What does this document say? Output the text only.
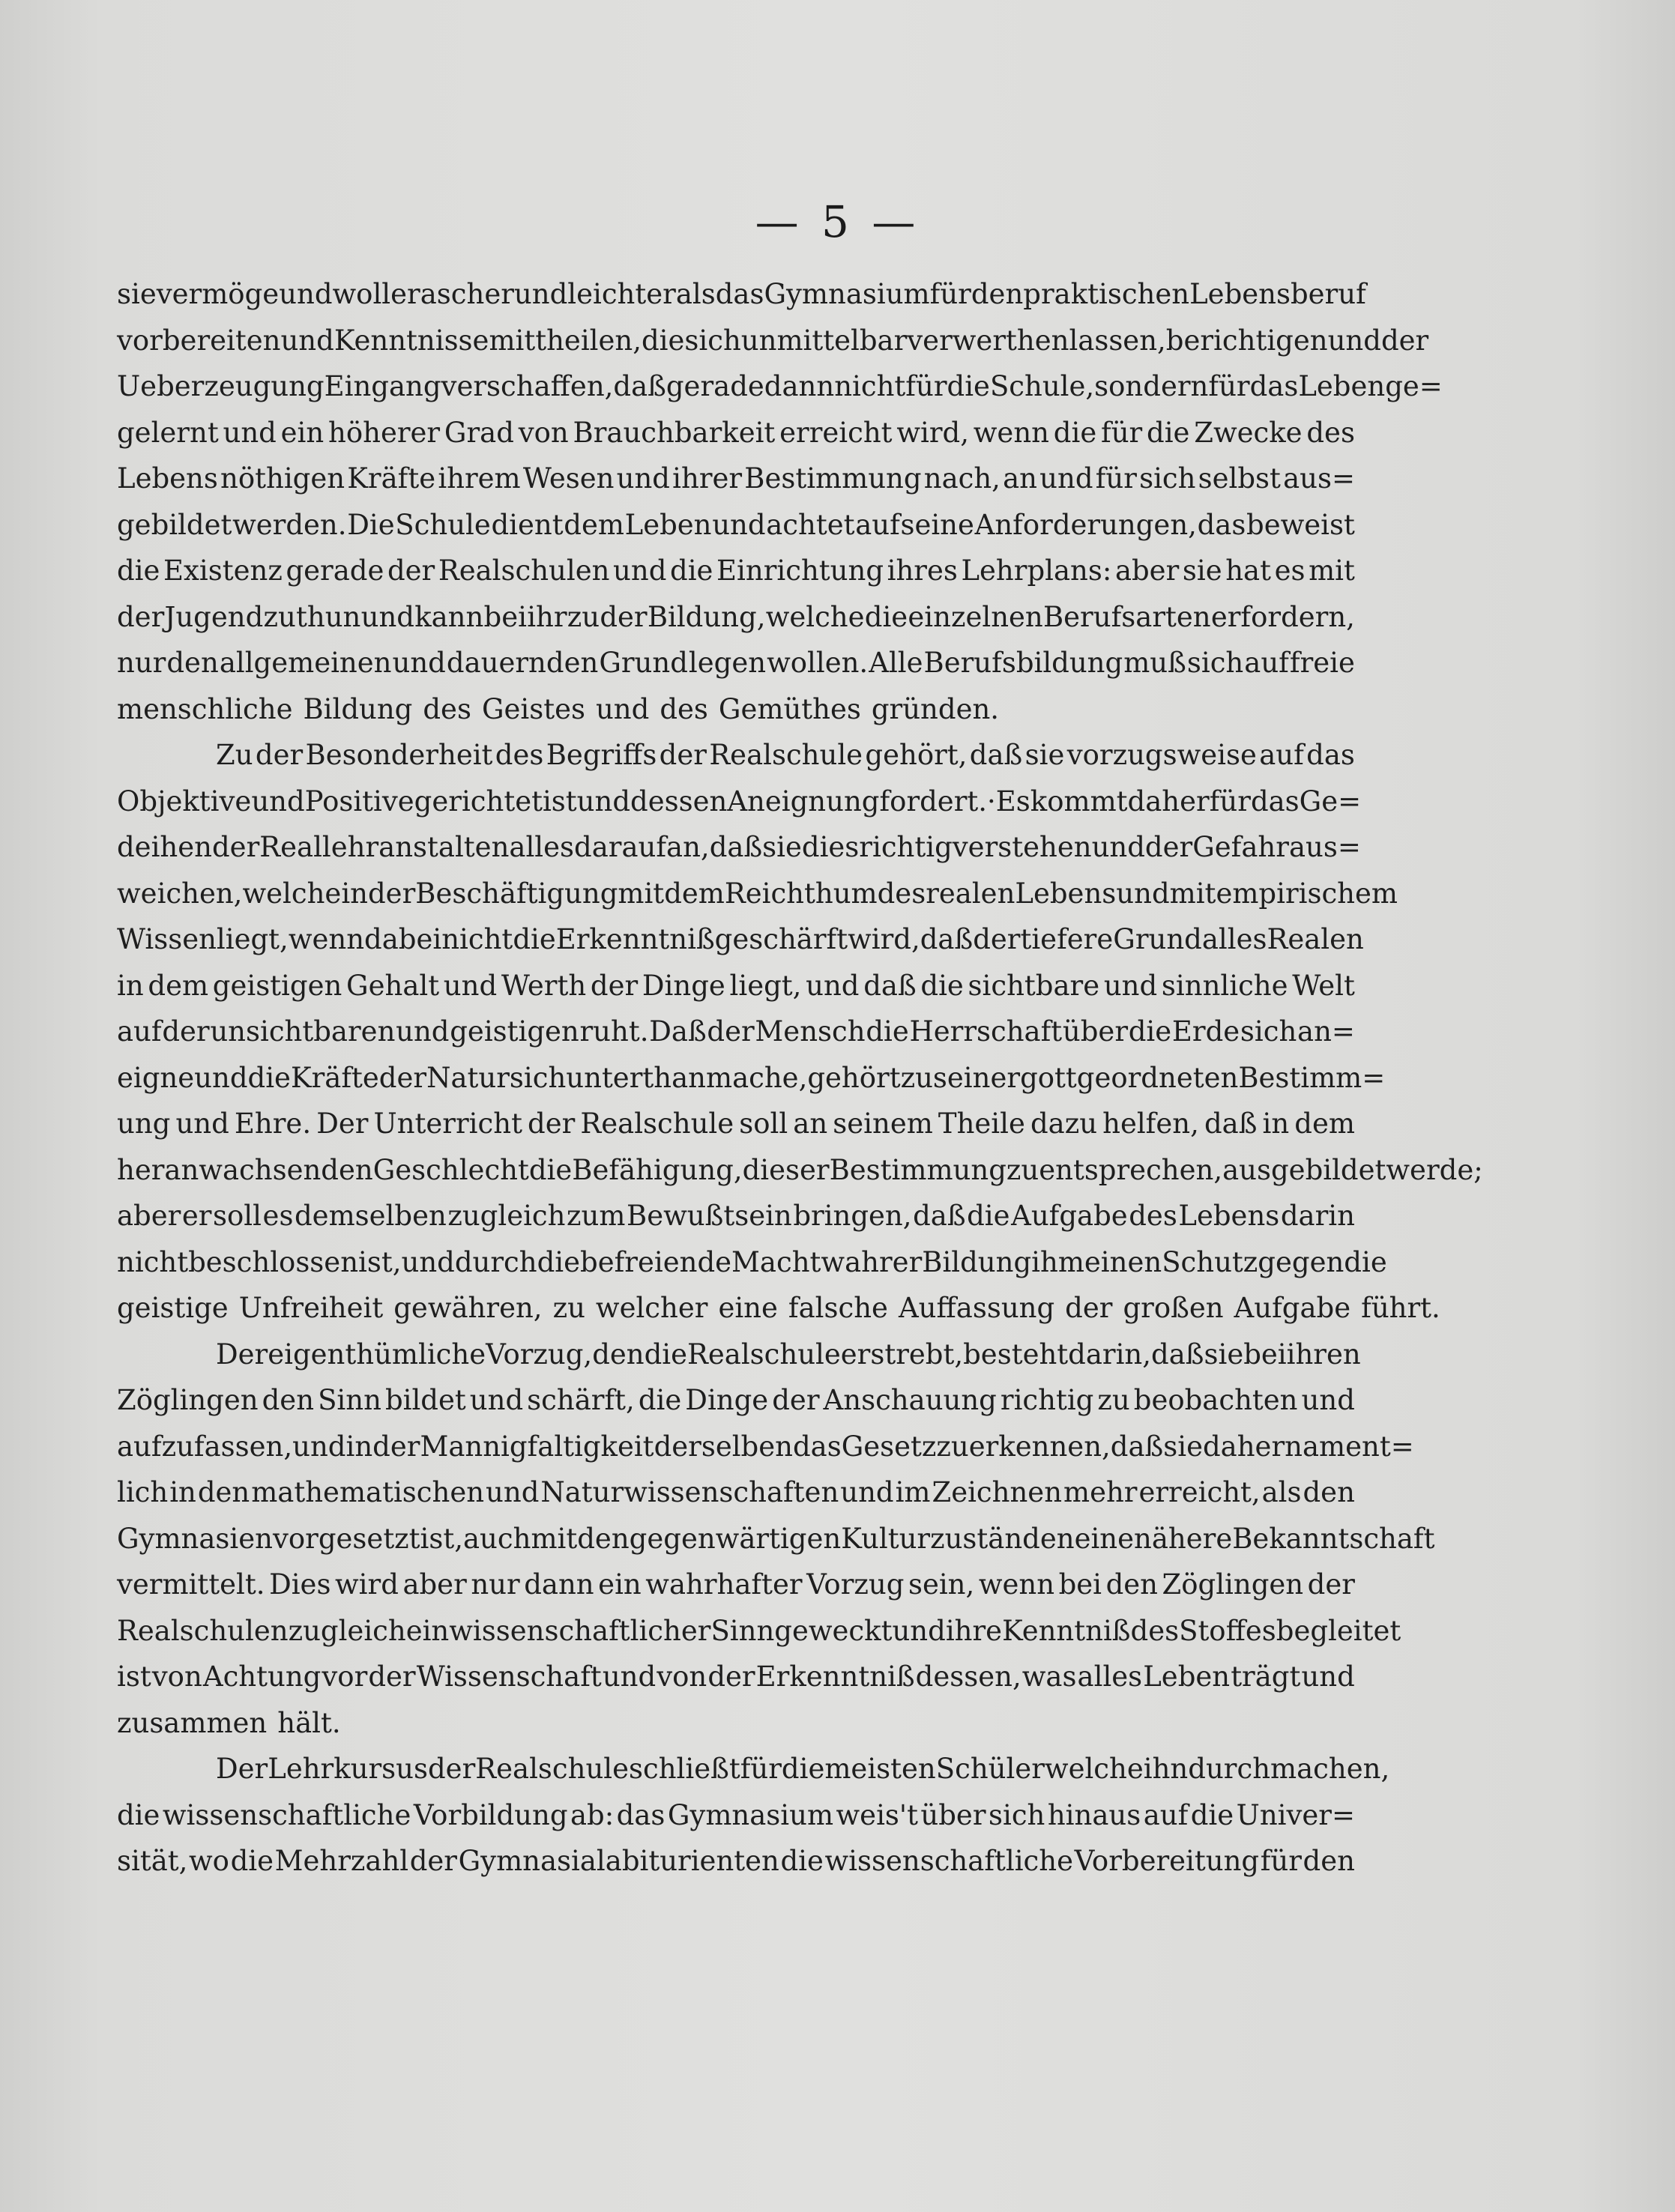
— 5 —
sie vermöge und wolle rascher und leichter als das Gymnasium für den praktischen Lebensberuf
vorbereiten und Kenntnisse mittheilen, die sich unmittelbar verwerthen lassen, berichtigen und der
Ueberzeugung Eingang verschaffen, daß gerade dann nicht für die Schule, sondern für das Leben ge=
gelernt und ein höherer Grad von Brauchbarkeit erreicht wird, wenn die für die Zwecke des
Lebens nöthigen Kräfte ihrem Wesen und ihrer Bestimmung nach, an und für sich selbst aus=
gebildet werden. Die Schule dient dem Leben und achtet auf seine Anforderungen, das beweist
die Existenz gerade der Realschulen und die Einrichtung ihres Lehrplans: aber sie hat es mit
der Jugend zu thun und kann bei ihr zu der Bildung, welche die einzelnen Berufsarten erfordern,
nur den allgemeinen und dauernden Grund legen wollen. Alle Berufsbildung muß sich auf freie
menschliche Bildung des Geistes und des Gemüthes gründen.
Zu der Besonderheit des Begriffs der Realschule gehört, daß sie vorzugsweise auf das
Objektive und Positive gerichtet ist und dessen Aneignung fordert. ·Es kommt daher für das Ge=
deihen der Reallehranstalten alles darauf an, daß sie dies richtig verstehen und der Gefahr aus=
weichen, welche in der Beschäftigung mit dem Reichthum des realen Lebens und mit empirischem
Wissen liegt, wenn dabei nicht die Erkenntniß geschärft wird, daß der tiefere Grund alles Realen
in dem geistigen Gehalt und Werth der Dinge liegt, und daß die sichtbare und sinnliche Welt
auf der unsichtbaren und geistigen ruht. Daß der Mensch die Herrschaft über die Erde sich an=
eigne und die Kräfte der Natur sich unterthan mache, gehört zu seiner gottgeordneten Bestimm=
ung und Ehre. Der Unterricht der Realschule soll an seinem Theile dazu helfen, daß in dem
heranwachsenden Geschlecht die Befähigung, dieser Bestimmung zu entsprechen, ausgebildet werde;
aber er soll es demselben zugleich zum Bewußtsein bringen, daß die Aufgabe des Lebens darin
nicht beschlossen ist, und durch die befreiende Macht wahrer Bildung ihm einen Schutz gegen die
geistige Unfreiheit gewähren, zu welcher eine falsche Auffassung der großen Aufgabe führt.
Der eigenthümliche Vorzug, den die Realschule erstrebt, besteht darin, daß sie bei ihren
Zöglingen den Sinn bildet und schärft, die Dinge der Anschauung richtig zu beobachten und
aufzufassen, und in der Mannigfaltigkeit derselben das Gesetz zu erkennen, daß sie daher nament=
lich in den mathematischen und Naturwissenschaften und im Zeichnen mehr erreicht, als den
Gymnasien vorgesetzt ist, auch mit den gegenwärtigen Kulturzuständen eine nähere Bekanntschaft
vermittelt. Dies wird aber nur dann ein wahrhafter Vorzug sein, wenn bei den Zöglingen der
Realschulen zugleich ein wissenschaftlicher Sinn geweckt und ihre Kenntniß des Stoffes begleitet
ist von Achtung vor der Wissenschaft und von der Erkenntniß dessen, was alles Leben trägt und
zusammen hält.
Der Lehrkursus der Realschule schließt für die meisten Schüler welche ihn durchmachen,
die wissenschaftliche Vorbildung ab: das Gymnasium weis't über sich hinaus auf die Univer=
sität, wo die Mehrzahl der Gymnasialabiturienten die wissenschaftliche Vorbereitung für den
